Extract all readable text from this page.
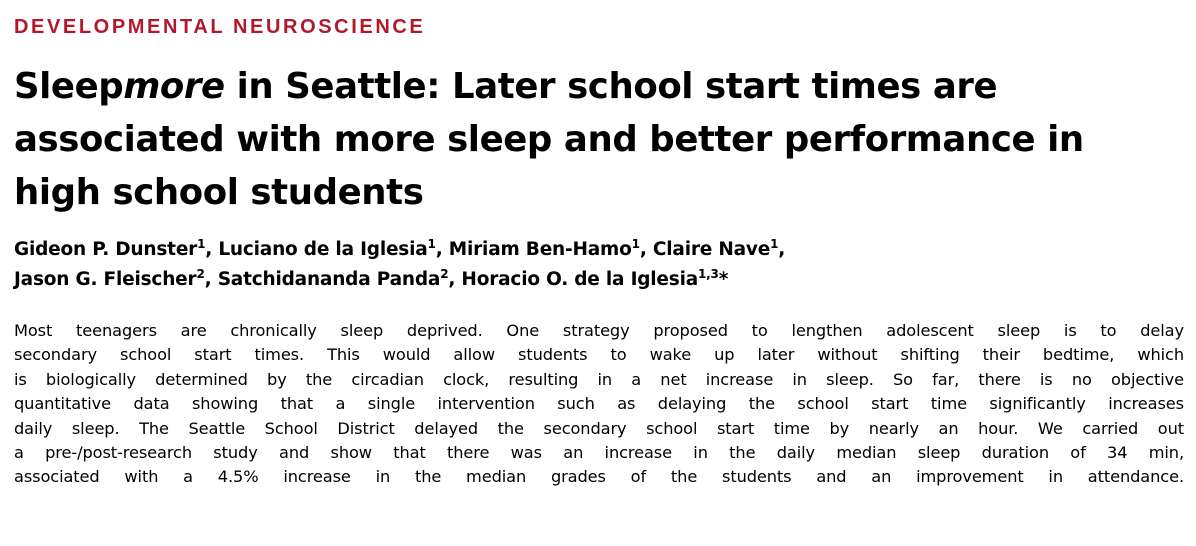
DEVELOPMENTAL NEUROSCIENCE
Sleepmore in Seattle: Later school start times are
associated with more sleep and better performance in
high school students
Gideon P. Dunster$^1$, Luciano de la Iglesia$^1$, Miriam Ben-Hamo$^1$, Claire Nave$^1$,
Jason G. Fleischer$^2$, Satchidananda Panda$^2$, Horacio O. de la Iglesia$^{1,3}$*
Most teenagers are chronically sleep deprived. One strategy proposed to lengthen adolescent sleep is to delay
secondary school start times. This would allow students to wake up later without shifting their bedtime, which
is biologically determined by the circadian clock, resulting in a net increase in sleep. So far, there is no objective
quantitative data showing that a single intervention such as delaying the school start time significantly increases
daily sleep. The Seattle School District delayed the secondary school start time by nearly an hour. We carried out
a pre-/post-research study and show that there was an increase in the daily median sleep duration of 34 min,
associated with a 4.5% increase in the median grades of the students and an improvement in attendance.
